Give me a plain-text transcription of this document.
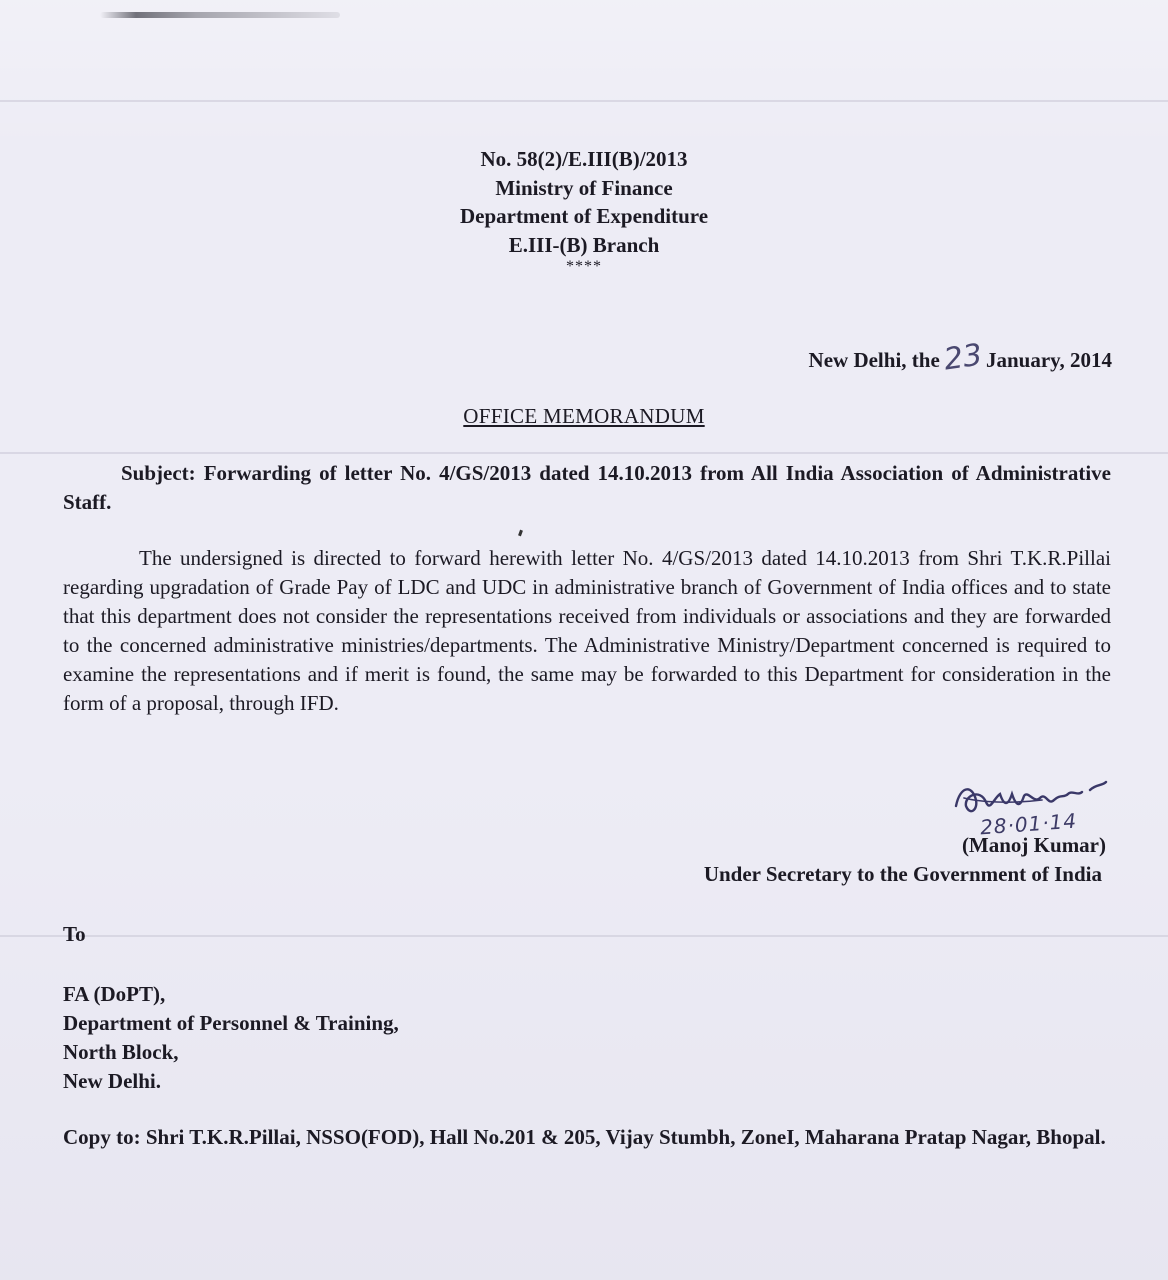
No. 58(2)/E.III(B)/2013
Ministry of Finance
Department of Expenditure
E.III-(B) Branch
****
New Delhi, the23January, 2014
OFFICE MEMORANDUM
Subject: Forwarding of letter No. 4/GS/2013 dated 14.10.2013 from All India Association of Administrative Staff.
The undersigned is directed to forward herewith letter No. 4/GS/2013 dated 14.10.2013 from Shri T.K.R.Pillai regarding upgradation of Grade Pay of LDC and UDC in administrative branch of Government of India offices and to state that this department does not consider the representations received from individuals or associations and they are forwarded to the concerned administrative ministries/departments. The Administrative Ministry/Department concerned is required to examine the representations and if merit is found, the same may be forwarded to this Department for consideration in the form of a proposal, through IFD.
28·01·14
(Manoj Kumar)
Under Secretary to the Government of India
To
FA (DoPT),
Department of Personnel & Training,
North Block,
New Delhi.
Copy to: Shri T.K.R.Pillai, NSSO(FOD), Hall No.201 & 205, Vijay Stumbh, ZoneI, Maharana Pratap Nagar, Bhopal.
